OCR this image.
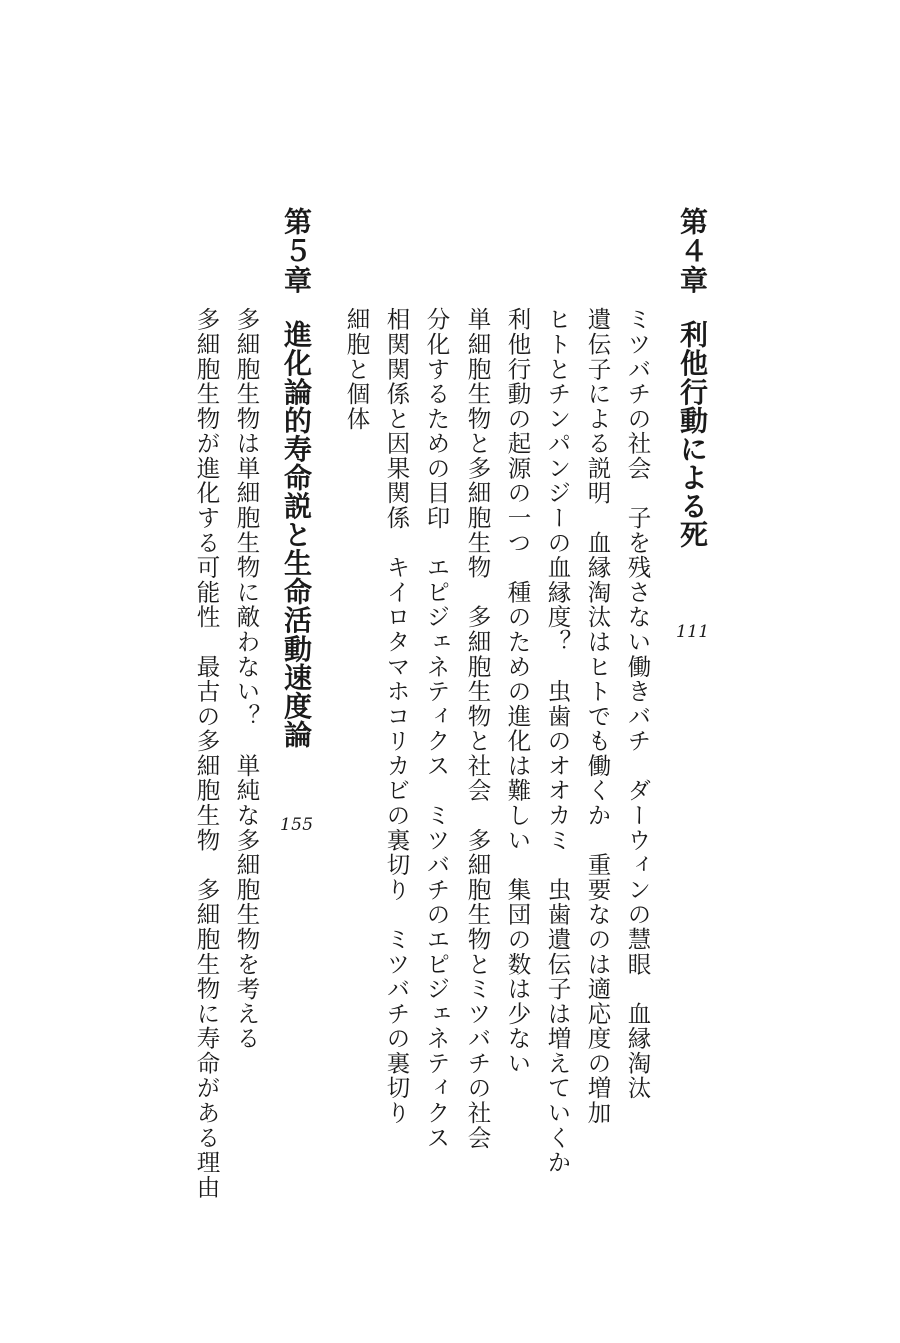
第４章

利他行動による死

111

ミツバチの社会　子を残さない働きバチ　ダーウィンの慧眼　血縁淘汰

遺伝子による説明　血縁淘汰はヒトでも働くか　重要なのは適応度の増加

ヒトとチンパンジーの血縁度？　虫歯のオオカミ　虫歯遺伝子は増えていくか

利他行動の起源の一つ　種のための進化は難しい　集団の数は少ない

単細胞生物と多細胞生物　多細胞生物と社会　多細胞生物とミツバチの社会

分化するための目印　エピジェネティクス　ミツバチのエピジェネティクス

相関関係と因果関係　キイロタマホコリカビの裏切り　ミツバチの裏切り

細胞と個体

第５章

進化論的寿命説と生命活動速度論

155

多細胞生物は単細胞生物に敵わない？　単純な多細胞生物を考える

多細胞生物が進化する可能性　最古の多細胞生物　多細胞生物に寿命がある理由
